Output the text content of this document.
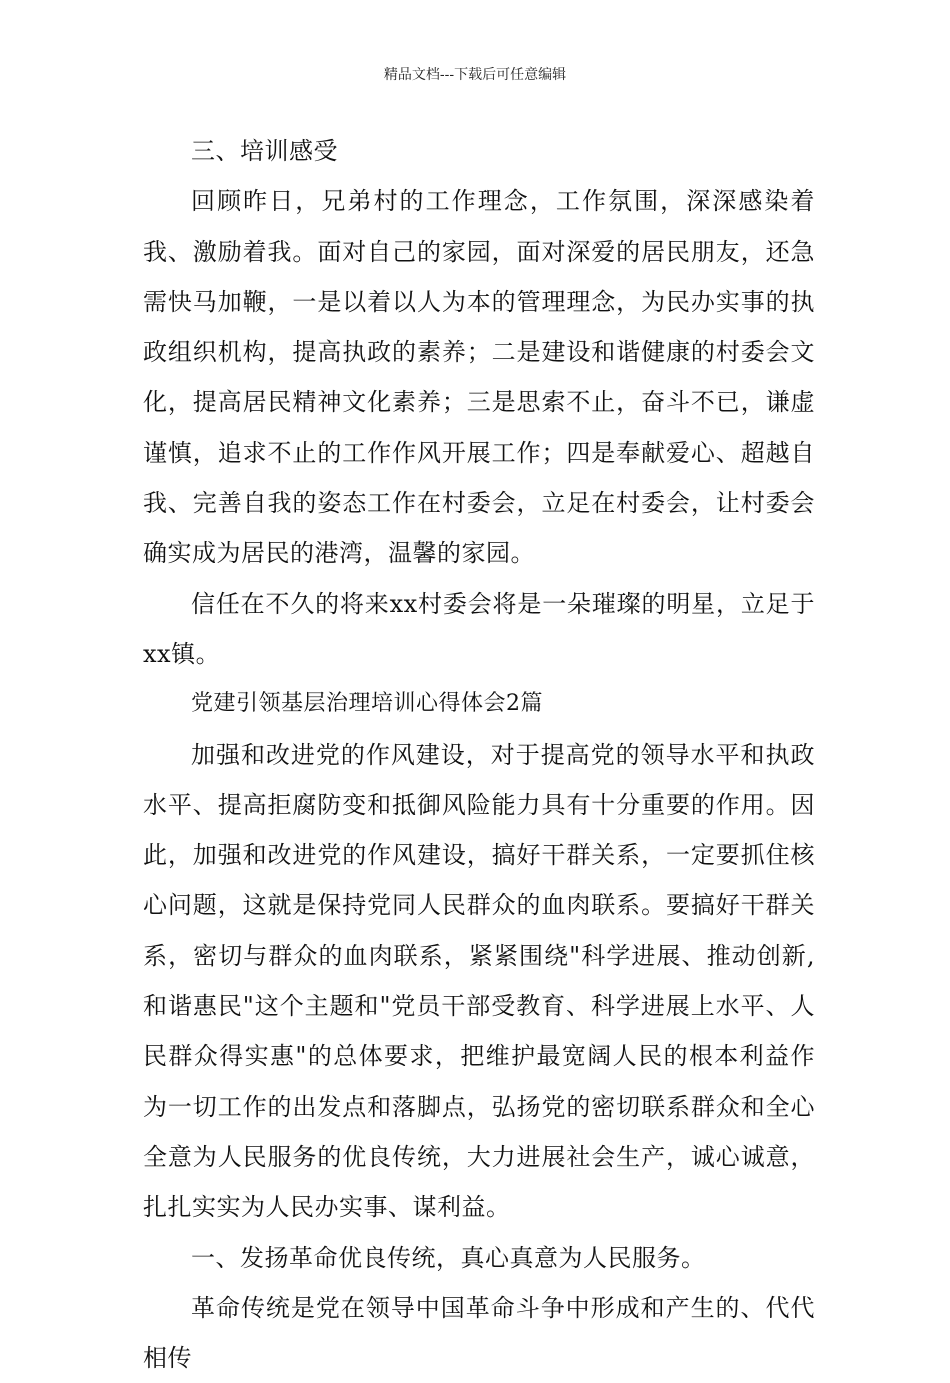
精品文档---下载后可任意编辑

三、培训感受

回顾昨日，兄弟村的工作理念，工作氛围，深深感染着我、激励着我。面对自己的家园，面对深爱的居民朋友，还急需快马加鞭，一是以着以人为本的管理理念，为民办实事的执政组织机构，提高执政的素养；二是建设和谐健康的村委会文化，提高居民精神文化素养；三是思索不止，奋斗不已，谦虚谨慎，追求不止的工作作风开展工作；四是奉献爱心、超越自我、完善自我的姿态工作在村委会，立足在村委会，让村委会确实成为居民的港湾，温馨的家园。

信任在不久的将来xx村委会将是一朵璀璨的明星，立足于xx镇。

党建引领基层治理培训心得体会2篇

加强和改进党的作风建设，对于提高党的领导水平和执政水平、提高拒腐防变和抵御风险能力具有十分重要的作用。因此，加强和改进党的作风建设，搞好干群关系，一定要抓住核心问题，这就是保持党同人民群众的血肉联系。要搞好干群关系，密切与群众的血肉联系，紧紧围绕"科学进展、推动创新,和谐惠民"这个主题和"党员干部受教育、科学进展上水平、人民群众得实惠"的总体要求，把维护最宽阔人民的根本利益作为一切工作的出发点和落脚点，弘扬党的密切联系群众和全心全意为人民服务的优良传统，大力进展社会生产，诚心诚意，扎扎实实为人民办实事、谋利益。

一、发扬革命优良传统，真心真意为人民服务。

革命传统是党在领导中国革命斗争中形成和产生的、代代相传
